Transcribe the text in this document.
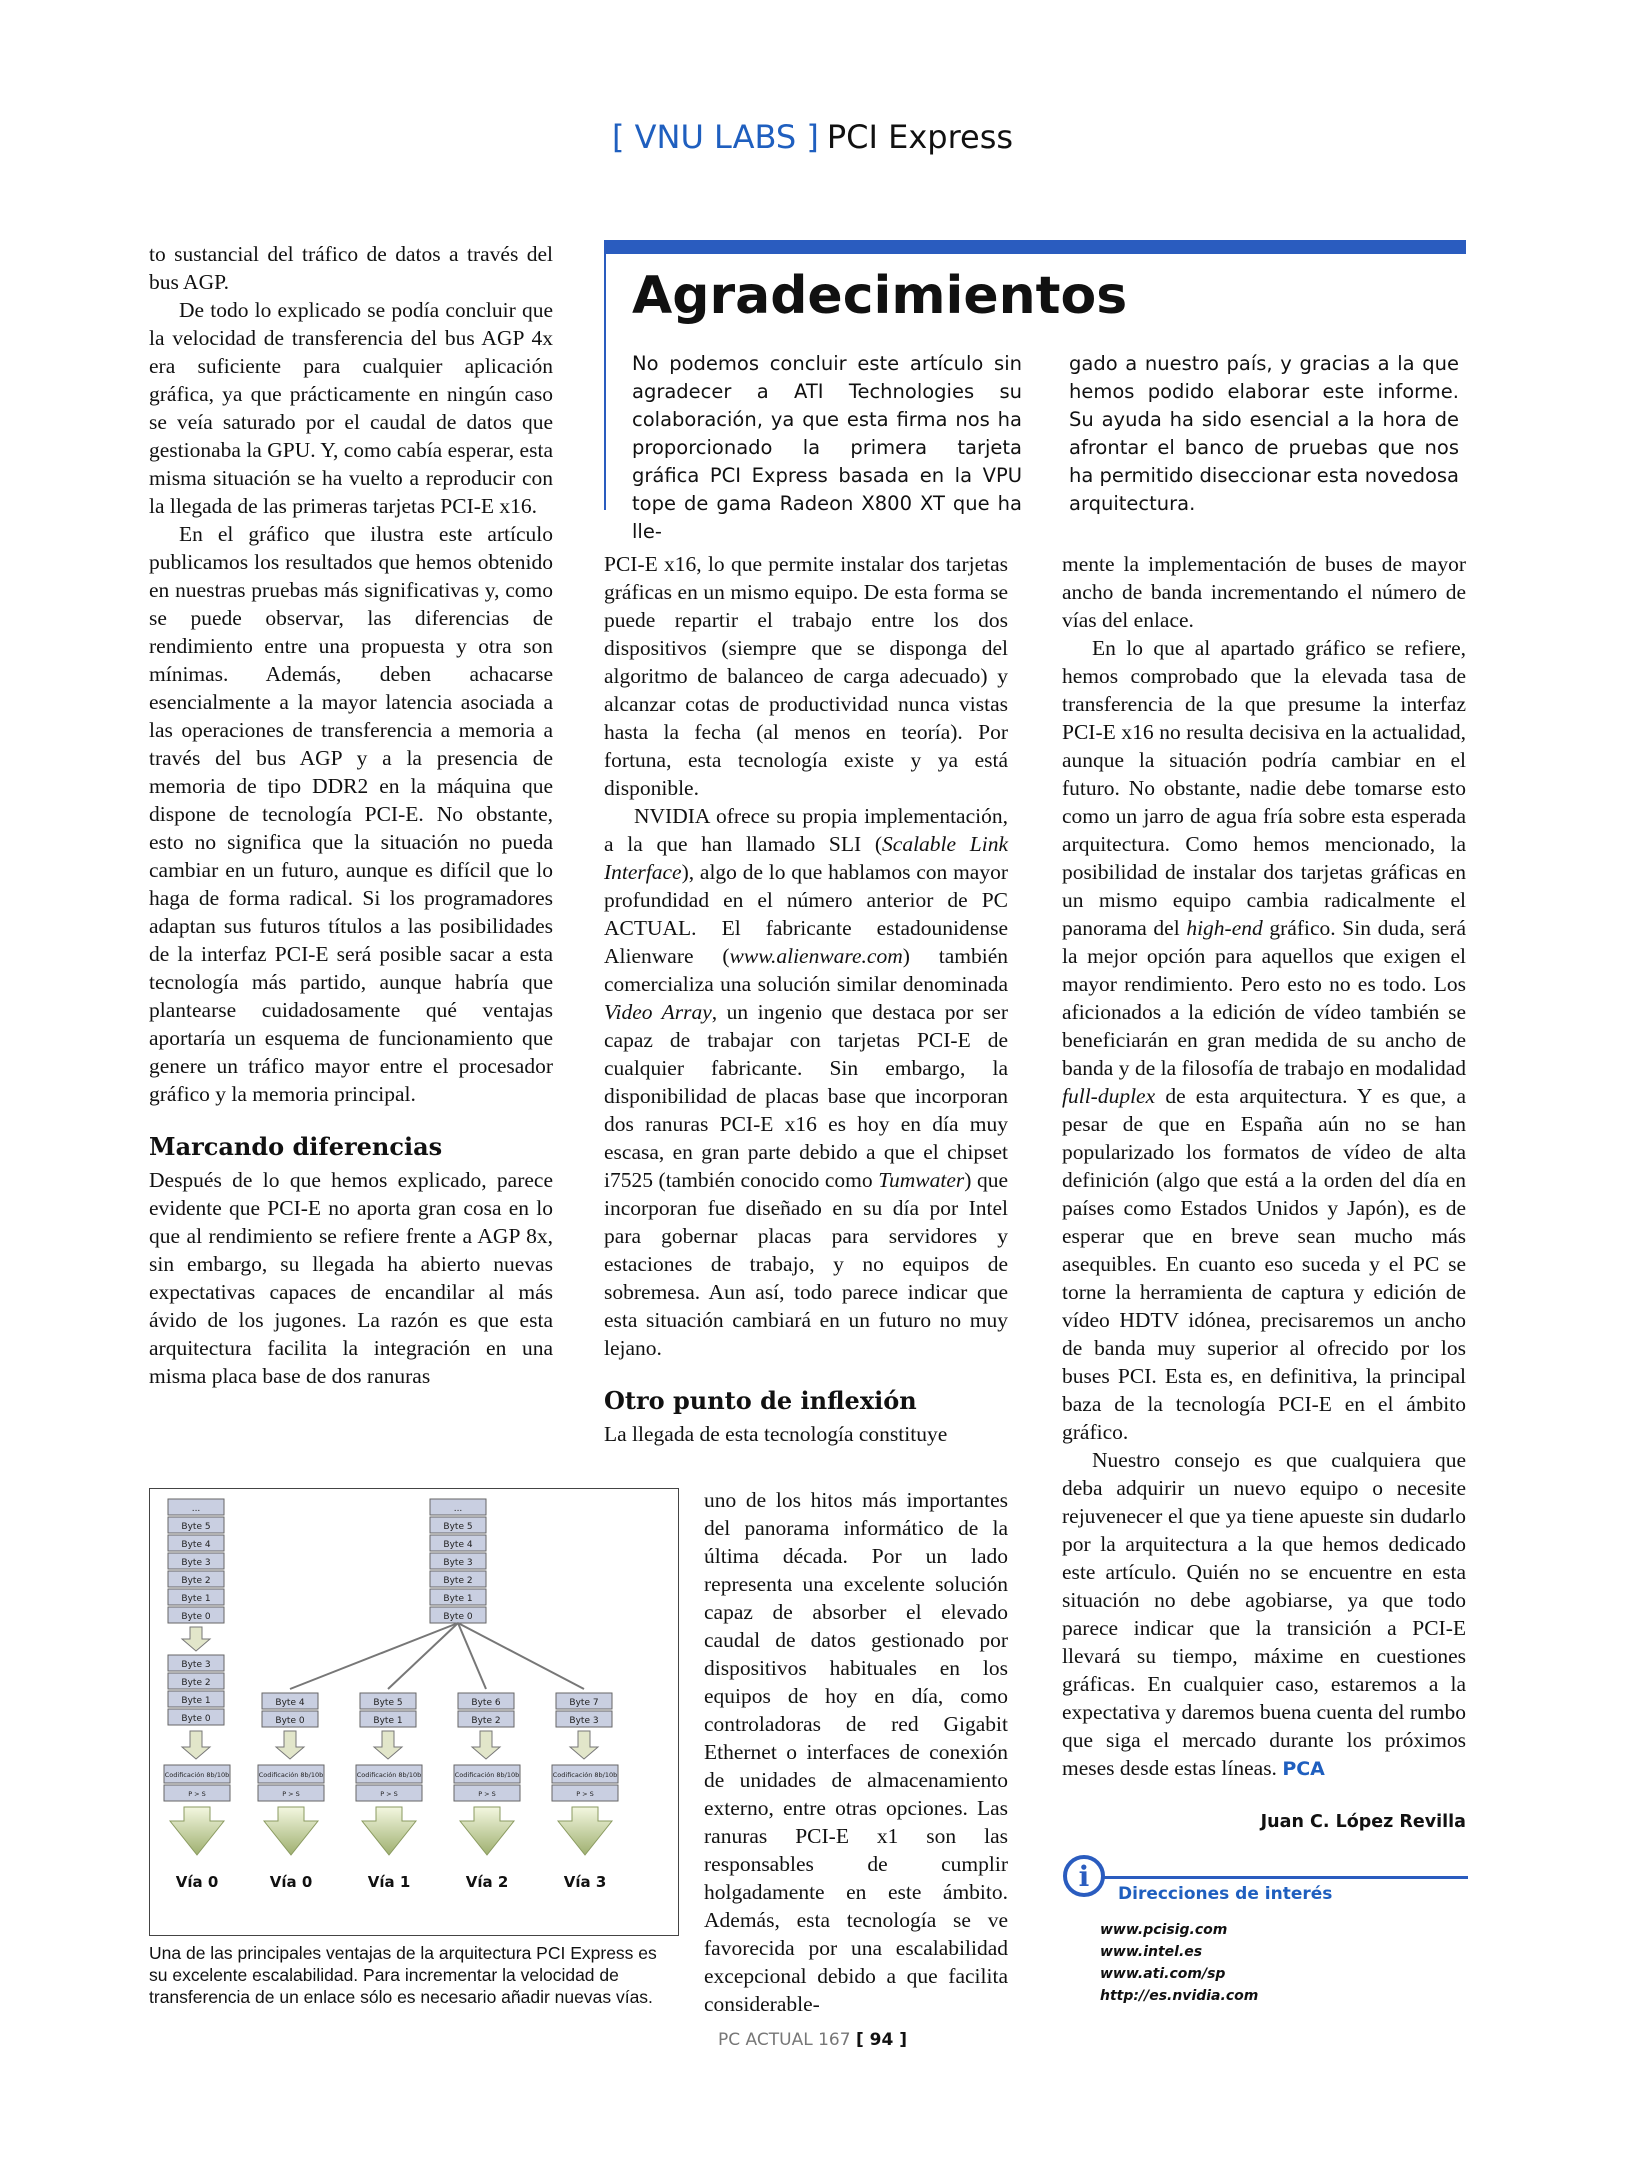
[ VNU LABS ] PCI Express

to sustancial del tráfico de datos a través del bus AGP.

De todo lo explicado se podía concluir que la velocidad de transferencia del bus AGP 4x era suficiente para cualquier aplicación gráfica, ya que prácticamente en ningún caso se veía saturado por el caudal de datos que gestionaba la GPU. Y, como cabía esperar, esta misma situación se ha vuelto a reproducir con la llegada de las primeras tarjetas PCI-E x16.

En el gráfico que ilustra este artículo publicamos los resultados que hemos obtenido en nuestras pruebas más significativas y, como se puede observar, las diferencias de rendimiento entre una propuesta y otra son mínimas. Además, deben achacarse esencialmente a la mayor latencia asociada a las operaciones de transferencia a memoria a través del bus AGP y a la presencia de memoria de tipo DDR2 en la máquina que dispone de tecnología PCI-E. No obstante, esto no significa que la situación no pueda cambiar en un futuro, aunque es difícil que lo haga de forma radical. Si los programadores adaptan sus futuros títulos a las posibilidades de la interfaz PCI-E será posible sacar a esta tecnología más partido, aunque habría que plantearse cuidadosamente qué ventajas aportaría un esquema de funcionamiento que genere un tráfico mayor entre el procesador gráfico y la memoria principal.

Marcando diferencias

Después de lo que hemos explicado, parece evidente que PCI-E no aporta gran cosa en lo que al rendimiento se refiere frente a AGP 8x, sin embargo, su llegada ha abierto nuevas expectativas capaces de encandilar al más ávido de los jugones. La razón es que esta arquitectura facilita la integración en una misma placa base de dos ranuras

Agradecimientos
No podemos concluir este artículo sin agradecer a ATI Technologies su colaboración, ya que esta firma nos ha proporcionado la primera tarjeta gráfica PCI Express basada en la VPU tope de gama Radeon X800 XT que ha lle-
gado a nuestro país, y gracias a la que hemos podido elaborar este informe. Su ayuda ha sido esencial a la hora de afrontar el banco de pruebas que nos ha permitido diseccionar esta novedosa arquitectura.

PCI-E x16, lo que permite instalar dos tarjetas gráficas en un mismo equipo. De esta forma se puede repartir el trabajo entre los dos dispositivos (siempre que se disponga del algoritmo de balanceo de carga adecuado) y alcanzar cotas de productividad nunca vistas hasta la fecha (al menos en teoría). Por fortuna, esta tecnología existe y ya está disponible.

NVIDIA ofrece su propia implementación, a la que han llamado SLI (Scalable Link Interface), algo de lo que hablamos con mayor profundidad en el número anterior de PC ACTUAL. El fabricante estadounidense Alienware (www.alienware.com) también comercializa una solución similar denominada Video Array, un ingenio que destaca por ser capaz de trabajar con tarjetas PCI-E de cualquier fabricante. Sin embargo, la disponibilidad de placas base que incorporan dos ranuras PCI-E x16 es hoy en día muy escasa, en gran parte debido a que el chipset i7525 (también conocido como Tumwater) que incorporan fue diseñado en su día por Intel para gobernar placas para servidores y estaciones de trabajo, y no equipos de sobremesa. Aun así, todo parece indicar que esta situación cambiará en un futuro no muy lejano.

Otro punto de inflexión

La llegada de esta tecnología constituye

uno de los hitos más importantes del panorama informático de la última década. Por un lado representa una excelente solución capaz de absorber el elevado caudal de datos gestionado por dispositivos habituales en los equipos de hoy en día, como controladoras de red Gigabit Ethernet o interfaces de conexión de unidades de almacenamiento externo, entre otras opciones. Las ranuras PCI-E x1 son las responsables de cumplir holgadamente en este ámbito. Además, esta tecnología se ve favorecida por una escalabilidad excepcional debido a que facilita considerable-

mente la implementación de buses de mayor ancho de banda incrementando el número de vías del enlace.

En lo que al apartado gráfico se refiere, hemos comprobado que la elevada tasa de transferencia de la que presume la interfaz PCI-E x16 no resulta decisiva en la actualidad, aunque la situación podría cambiar en el futuro. No obstante, nadie debe tomarse esto como un jarro de agua fría sobre esta esperada arquitectura. Como hemos mencionado, la posibilidad de instalar dos tarjetas gráficas en un mismo equipo cambia radicalmente el panorama del high-end gráfico. Sin duda, será la mejor opción para aquellos que exigen el mayor rendimiento. Pero esto no es todo. Los aficionados a la edición de vídeo también se beneficiarán en gran medida de su ancho de banda y de la filosofía de trabajo en modalidad full-duplex de esta arquitectura. Y es que, a pesar de que en España aún no se han popularizado los formatos de vídeo de alta definición (algo que está a la orden del día en países como Estados Unidos y Japón), es de esperar que en breve sean mucho más asequibles. En cuanto eso suceda y el PC se torne la herramienta de captura y edición de vídeo HDTV idónea, precisaremos un ancho de banda muy superior al ofrecido por los buses PCI. Esta es, en definitiva, la principal baza de la tecnología PCI-E en el ámbito gráfico.

Nuestro consejo es que cualquiera que deba adquirir un nuevo equipo o necesite rejuvenecer el que ya tiene apueste sin dudarlo por la arquitectura a la que hemos dedicado este artículo. Quién no se encuentre en esta situación no debe agobiarse, ya que todo parece indicar que la transición a PCI-E llevará su tiempo, máxime en cuestiones gráficas. En cualquier caso, estaremos a la expectativa y daremos buena cuenta del rumbo que siga el mercado durante los próximos meses desde estas líneas. PCA

Juan C. López Revilla
i
Direcciones de interés
www.pcisig.com
www.intel.es
www.ati.com/sp
http://es.nvidia.com
...
Byte 5
Byte 4
Byte 3
Byte 2
Byte 1
Byte 0
Byte 3
Byte 2
Byte 1
Byte 0
...
Byte 5
Byte 4
Byte 3
Byte 2
Byte 1
Byte 0
Byte 4
Byte 0
Byte 5
Byte 1
Byte 6
Byte 2
Byte 7
Byte 3
Codificación 8b/10b
P > S
Codificación 8b/10b
P > S
Codificación 8b/10b
P > S
Codificación 8b/10b
P > S
Codificación 8b/10b
P > S
Vía 0	Vía 0	Vía 1	Vía 2	Vía 3
Una de las principales ventajas de la arquitectura PCI Express es su excelente escalabilidad. Para incrementar la velocidad de transferencia de un enlace sólo es necesario añadir nuevas vías.
PC ACTUAL 167 [ 94 ]
